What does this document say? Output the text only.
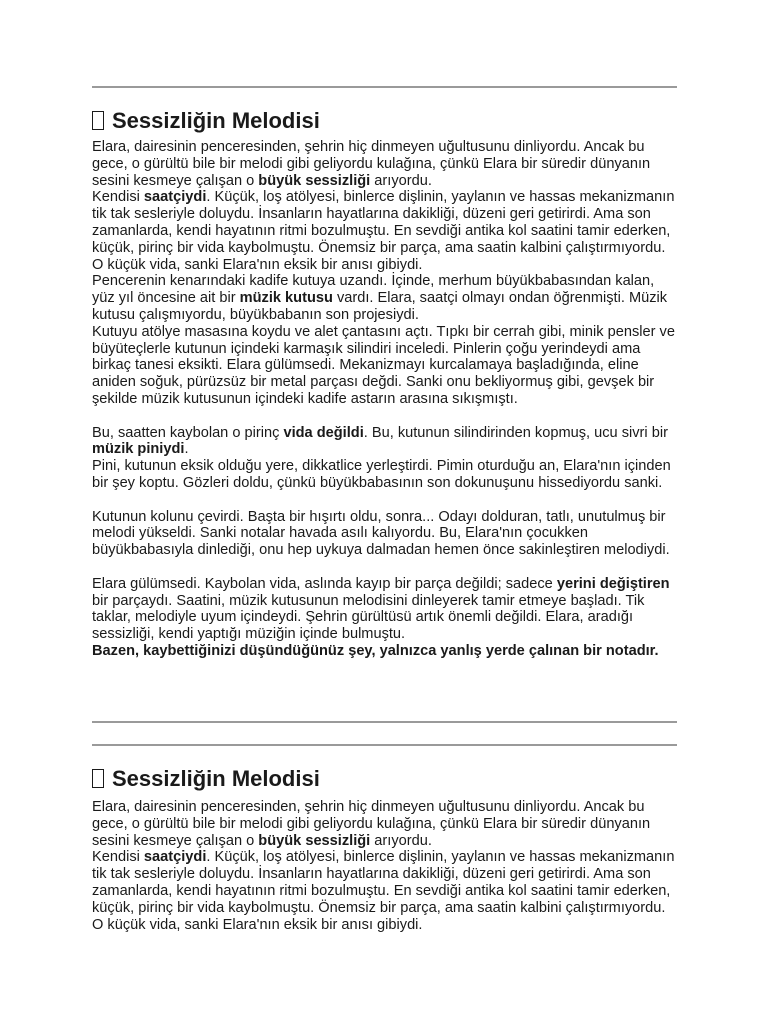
Sessizliğin Melodisi

Elara, dairesinin penceresinden, şehrin hiç dinmeyen uğultusunu dinliyordu. Ancak bu gece, o gürültü bile bir melodi gibi geliyordu kulağına, çünkü Elara bir süredir dünyanın sesini kesmeye çalışan o büyük sessizliği arıyordu.

Kendisi saatçiydi. Küçük, loş atölyesi, binlerce dişlinin, yaylanın ve hassas mekanizmanın tik tak sesleriyle doluydu. İnsanların hayatlarına dakikliği, düzeni geri getirirdi. Ama son zamanlarda, kendi hayatının ritmi bozulmuştu. En sevdiği antika kol saatini tamir ederken, küçük, pirinç bir vida kaybolmuştu. Önemsiz bir parça, ama saatin kalbini çalıştırmıyordu. O küçük vida, sanki Elara'nın eksik bir anısı gibiydi.

Pencerenin kenarındaki kadife kutuya uzandı. İçinde, merhum büyükbabasından kalan, yüz yıl öncesine ait bir müzik kutusu vardı. Elara, saatçi olmayı ondan öğrenmişti. Müzik kutusu çalışmıyordu, büyükbabanın son projesiydi.

Kutuyu atölye masasına koydu ve alet çantasını açtı. Tıpkı bir cerrah gibi, minik pensler ve büyüteçlerle kutunun içindeki karmaşık silindiri inceledi. Pinlerin çoğu yerindeydi ama birkaç tanesi eksikti. Elara gülümsedi. Mekanizmayı kurcalamaya başladığında, eline aniden soğuk, pürüzsüz bir metal parçası değdi. Sanki onu bekliyormuş gibi, gevşek bir şekilde müzik kutusunun içindeki kadife astarın arasına sıkışmıştı.

Bu, saatten kaybolan o pirinç vida değildi. Bu, kutunun silindirinden kopmuş, ucu sivri bir müzik piniydi.

Pini, kutunun eksik olduğu yere, dikkatlice yerleştirdi. Pimin oturduğu an, Elara'nın içinden bir şey koptu. Gözleri doldu, çünkü büyükbabasının son dokunuşunu hissediyordu sanki.

Kutunun kolunu çevirdi. Başta bir hışırtı oldu, sonra... Odayı dolduran, tatlı, unutulmuş bir melodi yükseldi. Sanki notalar havada asılı kalıyordu. Bu, Elara'nın çocukken büyükbabasıyla dinlediği, onu hep uykuya dalmadan hemen önce sakinleştiren melodiydi.

Elara gülümsedi. Kaybolan vida, aslında kayıp bir parça değildi; sadece yerini değiştiren bir parçaydı. Saatini, müzik kutusunun melodisini dinleyerek tamir etmeye başladı. Tik taklar, melodiyle uyum içindeydi. Şehrin gürültüsü artık önemli değildi. Elara, aradığı sessizliği, kendi yaptığı müziğin içinde bulmuştu.

Bazen, kaybettiğinizi düşündüğünüz şey, yalnızca yanlış yerde çalınan bir notadır.

Sessizliğin Melodisi

Elara, dairesinin penceresinden, şehrin hiç dinmeyen uğultusunu dinliyordu. Ancak bu gece, o gürültü bile bir melodi gibi geliyordu kulağına, çünkü Elara bir süredir dünyanın sesini kesmeye çalışan o büyük sessizliği arıyordu.

Kendisi saatçiydi. Küçük, loş atölyesi, binlerce dişlinin, yaylanın ve hassas mekanizmanın tik tak sesleriyle doluydu. İnsanların hayatlarına dakikliği, düzeni geri getirirdi. Ama son zamanlarda, kendi hayatının ritmi bozulmuştu. En sevdiği antika kol saatini tamir ederken, küçük, pirinç bir vida kaybolmuştu. Önemsiz bir parça, ama saatin kalbini çalıştırmıyordu. O küçük vida, sanki Elara'nın eksik bir anısı gibiydi.
